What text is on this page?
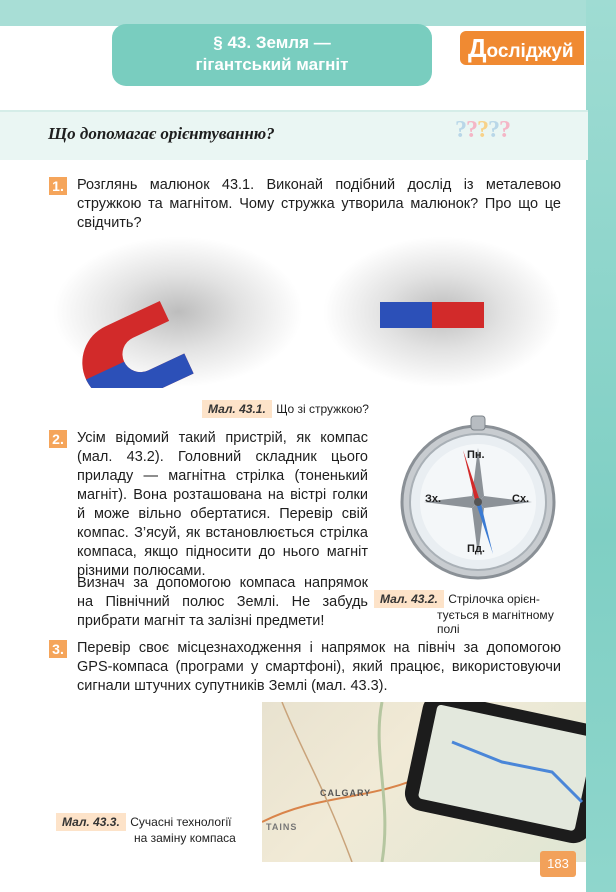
§ 43. Земля —
гігантський магніт
Досліджуй
Що допомагає орієнтуванню?	?????
1. Розглянь малюнок 43.1. Виконай подібний дослід із металевою стружкою та магнітом. Чому стружка утворила малюнок? Про що це свідчить?
Мал. 43.1. Що зі стружкою?
2. Усім відомий такий пристрій, як компас (мал. 43.2). Головний складник цього приладу — магнітна стрілка (тоненький магніт). Вона розташована на вістрі голки й може вільно обертатися. Перевір свій компас. З’ясуй, як встановлюється стрілка компаса, якщо підносити до нього магніт різними полюсами.
Визнач за допомогою компаса напрямок на Північний полюс Землі. Не забудь прибрати магніт та залізні предмети!
Пн.
Пд.
Зх.	Сх.
Мал. 43.2. Стрілочка орієн-
тується в магнітному полі
3. Перевір своє місцезнаходження і напрямок на північ за допомогою GPS-компаса (програми у смартфоні), який працює, використовуючи сигнали штучних супутників Землі (мал. 43.3).
CALGARY
TAINS
Мал. 43.3. Сучасні технології
на заміну компаса
183
